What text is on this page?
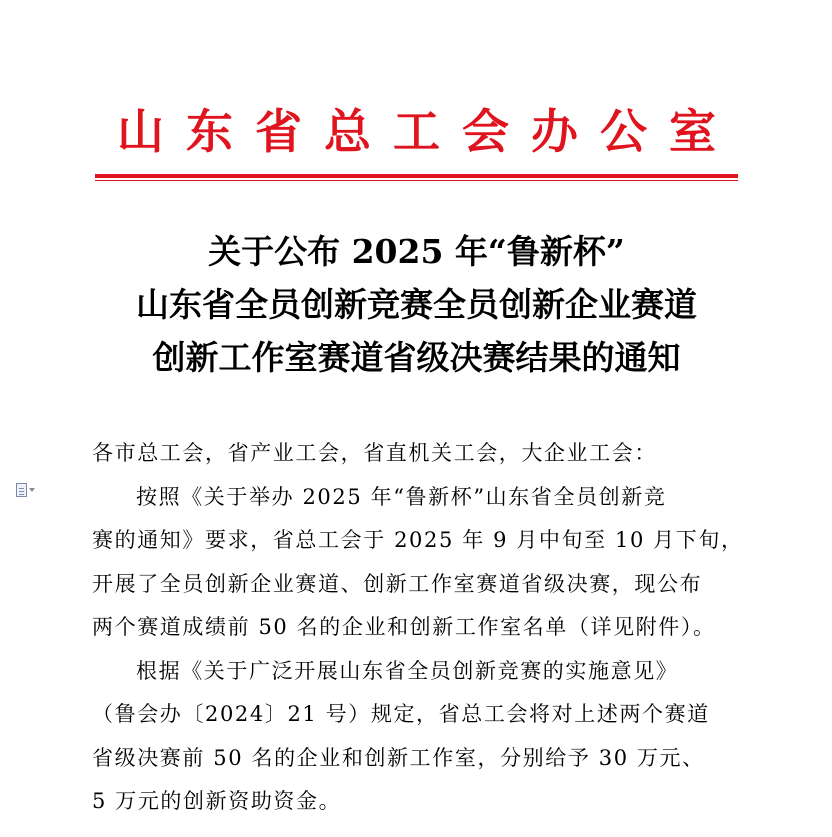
山东省总工会办公室
关于公布 2025 年“鲁新杯”
山东省全员创新竞赛全员创新企业赛道
创新工作室赛道省级决赛结果的通知
各市总工会，省产业工会，省直机关工会，大企业工会：
按照《关于举办 2025 年“鲁新杯”山东省全员创新竞
赛的通知》要求，省总工会于 2025 年 9 月中旬至 10 月下旬，
开展了全员创新企业赛道、创新工作室赛道省级决赛，现公布
两个赛道成绩前 50 名的企业和创新工作室名单（详见附件）。
根据《关于广泛开展山东省全员创新竞赛的实施意见》
（鲁会办〔2024〕21 号）规定，省总工会将对上述两个赛道
省级决赛前 50 名的企业和创新工作室，分别给予 30 万元、
5 万元的创新资助资金。
